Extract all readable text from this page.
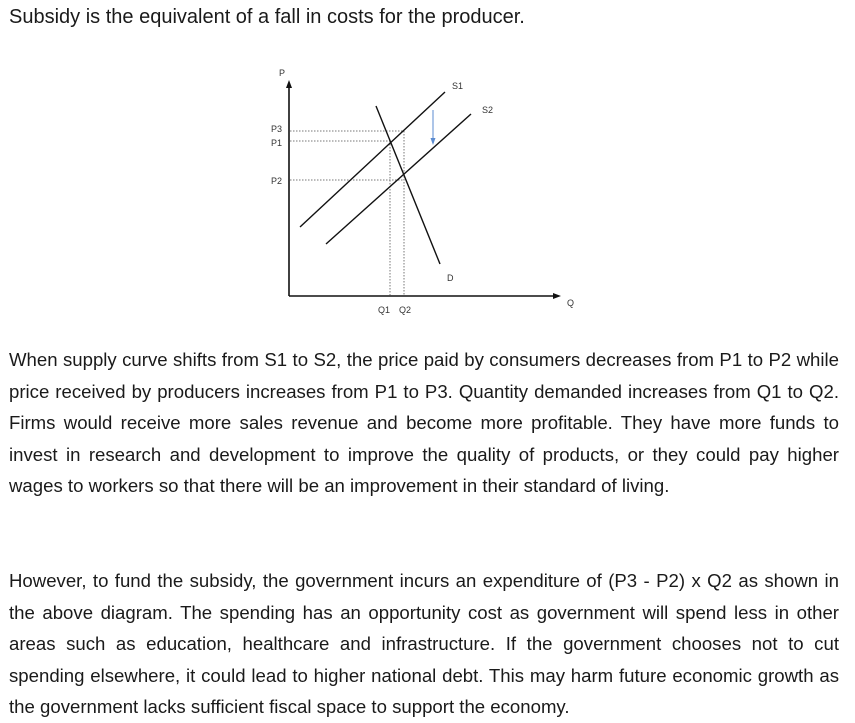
Subsidy is the equivalent of a fall in costs for the producer.
P
Q
P3
P1
P2
Q1 Q2
S1
S2
D

When supply curve shifts from S1 to S2, the price paid by consumers decreases from P1 to P2 while price received by producers increases from P1 to P3. Quantity demanded increases from Q1 to Q2. Firms would receive more sales revenue and become more profitable. They have more funds to invest in research and development to improve the quality of products, or they could pay higher wages to workers so that there will be an improvement in their standard of living.

However, to fund the subsidy, the government incurs an expenditure of (P3 - P2) x Q2 as shown in the above diagram. The spending has an opportunity cost as government will spend less in other areas such as education, healthcare and infrastructure. If the government chooses not to cut spending elsewhere, it could lead to higher national debt. This may harm future economic growth as the government lacks sufficient fiscal space to support the economy.
